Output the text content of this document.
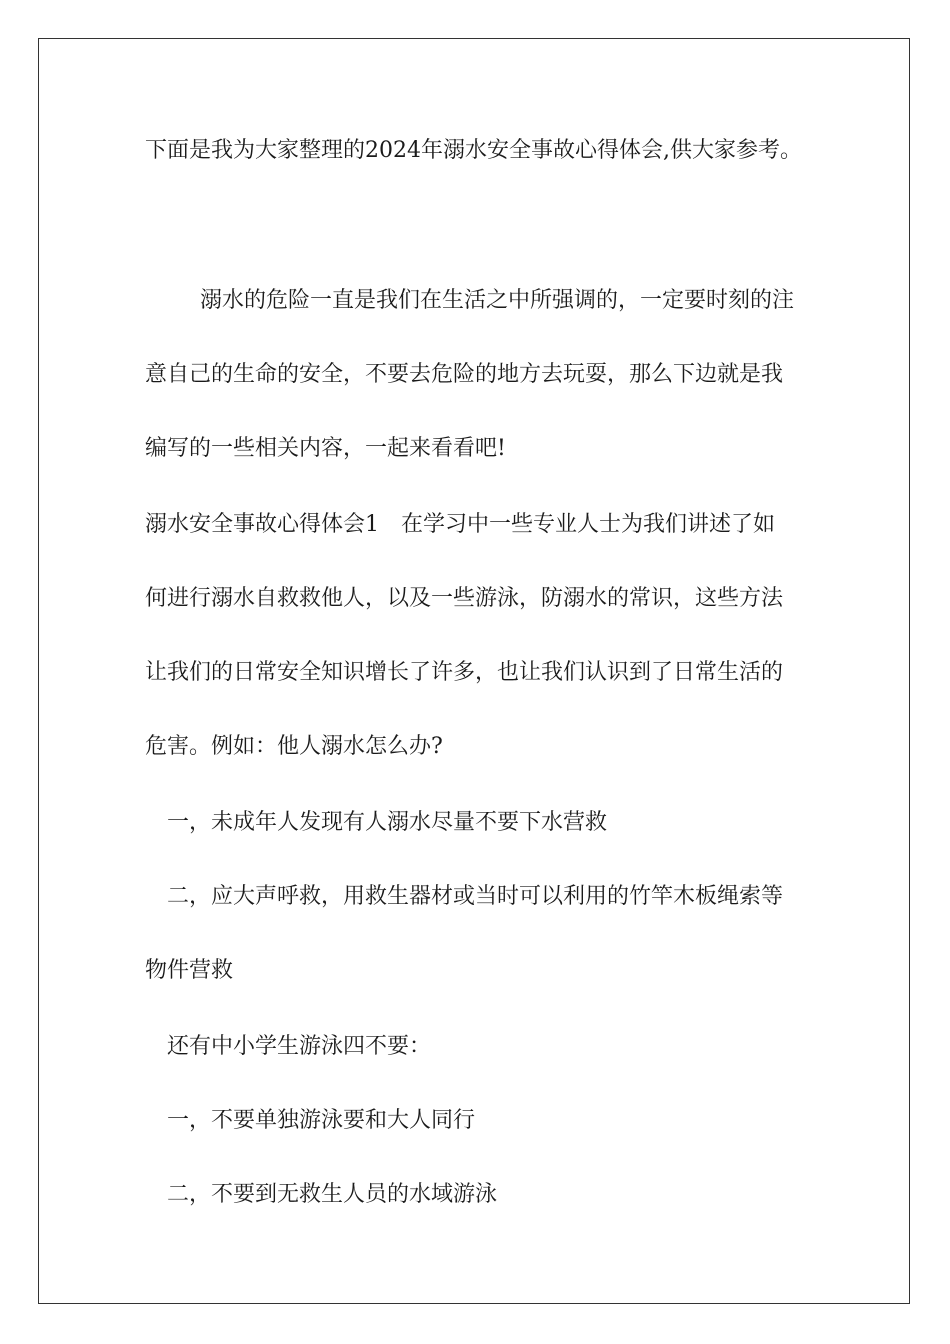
下面是我为大家整理的2024年溺水安全事故心得体会,供大家参考。
溺水的危险一直是我们在生活之中所强调的，一定要时刻的注
意自己的生命的安全，不要去危险的地方去玩耍，那么下边就是我
编写的一些相关内容，一起来看看吧!
溺水安全事故心得体会1　在学习中一些专业人士为我们讲述了如
何进行溺水自救救他人，以及一些游泳，防溺水的常识，这些方法
让我们的日常安全知识增长了许多，也让我们认识到了日常生活的
危害。例如：他人溺水怎么办?
一，未成年人发现有人溺水尽量不要下水营救
二，应大声呼救，用救生器材或当时可以利用的竹竿木板绳索等
物件营救
还有中小学生游泳四不要：
一，不要单独游泳要和大人同行
二，不要到无救生人员的水域游泳
